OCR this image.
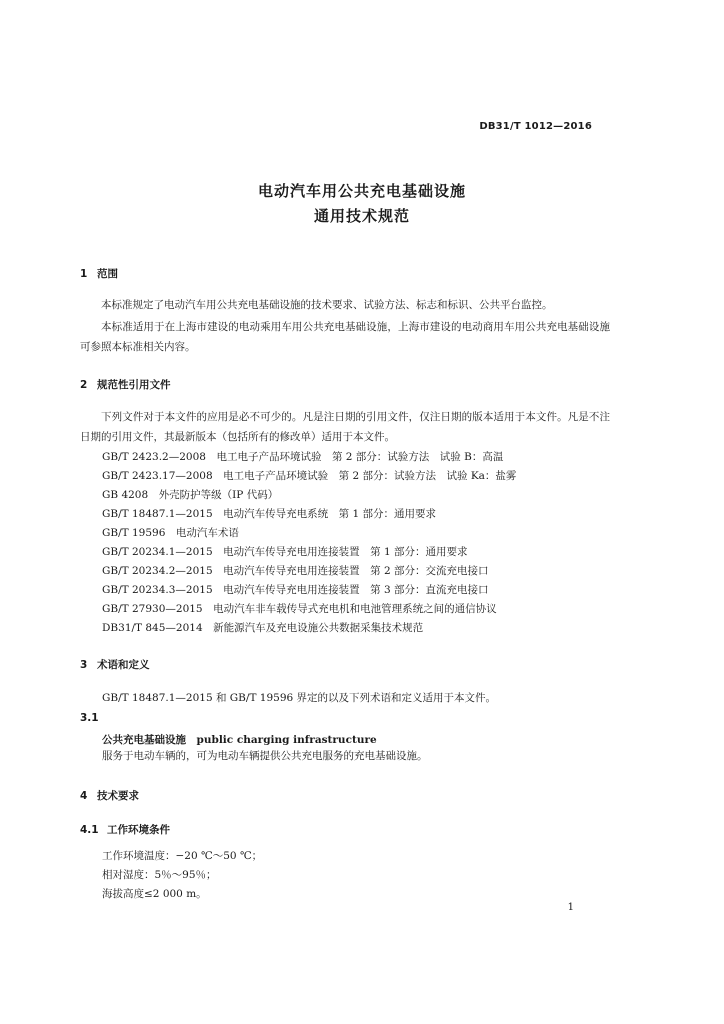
DB31/T 1012—2016
电动汽车用公共充电基础设施
通用技术规范
1 范围
本标准规定了电动汽车用公共充电基础设施的技术要求、试验方法、标志和标识、公共平台监控。
本标准适用于在上海市建设的电动乘用车用公共充电基础设施，上海市建设的电动商用车用公共充电基础设施可参照本标准相关内容。
2 规范性引用文件
下列文件对于本文件的应用是必不可少的。凡是注日期的引用文件，仅注日期的版本适用于本文件。凡是不注日期的引用文件，其最新版本（包括所有的修改单）适用于本文件。
GB/T 2423.2—2008　电工电子产品环境试验　第 2 部分：试验方法　试验 B：高温
GB/T 2423.17—2008　电工电子产品环境试验　第 2 部分：试验方法　试验 Ka：盐雾
GB 4208　外壳防护等级（IP 代码）
GB/T 18487.1—2015　电动汽车传导充电系统　第 1 部分：通用要求
GB/T 19596　电动汽车术语
GB/T 20234.1—2015　电动汽车传导充电用连接装置　第 1 部分：通用要求
GB/T 20234.2—2015　电动汽车传导充电用连接装置　第 2 部分：交流充电接口
GB/T 20234.3—2015　电动汽车传导充电用连接装置　第 3 部分：直流充电接口
GB/T 27930—2015　电动汽车非车载传导式充电机和电池管理系统之间的通信协议
DB31/T 845—2014　新能源汽车及充电设施公共数据采集技术规范
3 术语和定义
GB/T 18487.1—2015 和 GB/T 19596 界定的以及下列术语和定义适用于本文件。
3.1
公共充电基础设施　 public charging infrastructure
服务于电动车辆的，可为电动车辆提供公共充电服务的充电基础设施。
4 技术要求
4.1 工作环境条件
工作环境温度：−20 ℃～50 ℃；
相对湿度：5％～95％；
海拔高度≤2 000 m。
1
